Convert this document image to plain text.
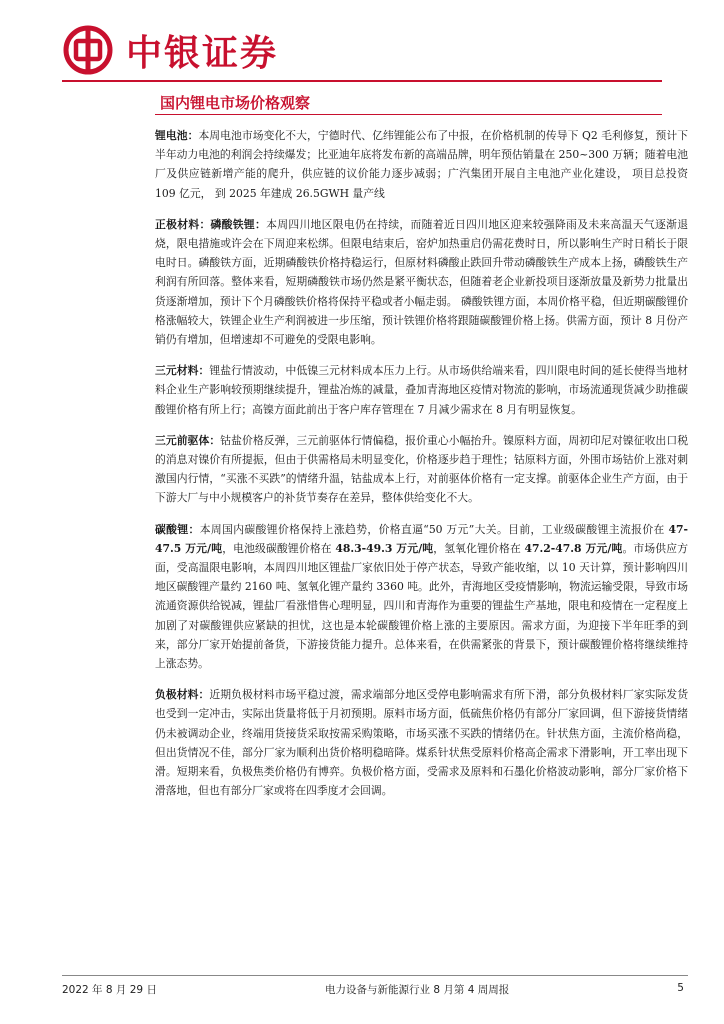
中银证券
国内锂电市场价格观察

锂电池：本周电池市场变化不大，宁德时代、亿纬锂能公布了中报，在价格机制的传导下 Q2 毛利修复，预计下半年动力电池的利润会持续爆发；比亚迪年底将发布新的高端品牌，明年预估销量在 250~300 万辆；随着电池厂及供应链新增产能的爬升，供应链的议价能力逐步减弱；广汽集团开展自主电池产业化建设， 项目总投资 109 亿元， 到 2025 年建成 26.5GWH 量产线

正极材料：磷酸铁锂：本周四川地区限电仍在持续，而随着近日四川地区迎来较强降雨及未来高温天气逐渐退烧，限电措施或许会在下周迎来松绑。但限电结束后，窑炉加热重启仍需花费时日，所以影响生产时日稍长于限电时日。磷酸铁方面，近期磷酸铁价格持稳运行，但原材料磷酸止跌回升带动磷酸铁生产成本上扬，磷酸铁生产利润有所回落。整体来看，短期磷酸铁市场仍然是紧平衡状态，但随着老企业新投项目逐渐放量及新势力批量出货逐渐增加，预计下个月磷酸铁价格将保持平稳或者小幅走弱。 磷酸铁锂方面，本周价格平稳，但近期碳酸锂价格涨幅较大，铁锂企业生产利润被进一步压缩，预计铁锂价格将跟随碳酸锂价格上扬。供需方面，预计 8 月份产销仍有增加，但增速却不可避免的受限电影响。

三元材料：锂盐行情波动，中低镍三元材料成本压力上行。从市场供给端来看，四川限电时间的延长使得当地材料企业生产影响较预期继续提升，锂盐冶炼的减量，叠加青海地区疫情对物流的影响，市场流通现货减少助推碳酸锂价格有所上行；高镍方面此前出于客户库存管理在 7 月减少需求在 8 月有明显恢复。

三元前驱体：钴盐价格反弹，三元前驱体行情偏稳，报价重心小幅抬升。镍原料方面，周初印尼对镍征收出口税的消息对镍价有所提振，但由于供需格局未明显变化，价格逐步趋于理性；钴原料方面，外围市场钴价上涨对刺激国内行情，“买涨不买跌”的情绪升温，钴盐成本上行，对前驱体价格有一定支撑。前驱体企业生产方面，由于下游大厂与中小规模客户的补货节奏存在差异，整体供给变化不大。

碳酸锂：本周国内碳酸锂价格保持上涨趋势，价格直逼“50 万元”大关。目前，工业级碳酸锂主流报价在 47-47.5 万元/吨，电池级碳酸锂价格在 48.3-49.3 万元/吨，氢氧化锂价格在 47.2-47.8 万元/吨。市场供应方面，受高温限电影响，本周四川地区锂盐厂家依旧处于停产状态，导致产能收缩，以 10 天计算，预计影响四川地区碳酸锂产量约 2160 吨、氢氧化锂产量约 3360 吨。此外，青海地区受疫情影响，物流运输受限，导致市场流通资源供给锐减，锂盐厂看涨惜售心理明显，四川和青海作为重要的锂盐生产基地，限电和疫情在一定程度上加剧了对碳酸锂供应紧缺的担忧，这也是本轮碳酸锂价格上涨的主要原因。需求方面，为迎接下半年旺季的到来，部分厂家开始提前备货，下游接货能力提升。总体来看，在供需紧张的背景下，预计碳酸锂价格将继续维持上涨态势。

负极材料：近期负极材料市场平稳过渡，需求端部分地区受停电影响需求有所下滑，部分负极材料厂家实际发货也受到一定冲击，实际出货量将低于月初预期。原料市场方面，低硫焦价格仍有部分厂家回调，但下游接货情绪仍未被调动企业，终端用货接货采取按需采购策略，市场买涨不买跌的情绪仍在。针状焦方面，主流价格尚稳，但出货情况不佳，部分厂家为顺利出货价格明稳暗降。煤系针状焦受原料价格高企需求下滑影响，开工率出现下滑。短期来看，负极焦类价格仍有博弈。负极价格方面，受需求及原料和石墨化价格波动影响，部分厂家价格下滑落地，但也有部分厂家或将在四季度才会回调。

2022 年 8 月 29 日	电力设备与新能源行业 8 月第 4 周周报	5
